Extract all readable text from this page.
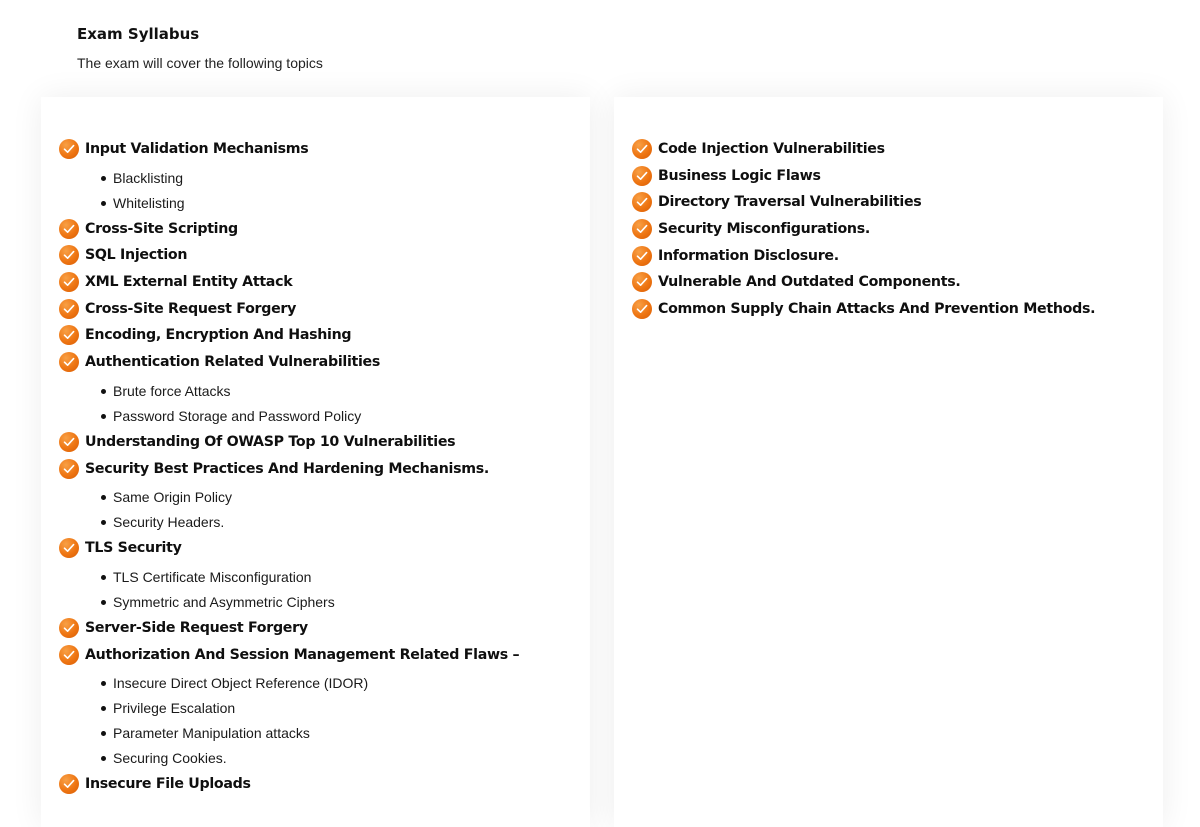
Exam Syllabus

The exam will cover the following topics

Input Validation Mechanisms
Blacklisting
Whitelisting
Cross-Site Scripting
SQL Injection
XML External Entity Attack
Cross-Site Request Forgery
Encoding, Encryption And Hashing
Authentication Related Vulnerabilities
Brute force Attacks
Password Storage and Password Policy
Understanding Of OWASP Top 10 Vulnerabilities
Security Best Practices And Hardening Mechanisms.
Same Origin Policy
Security Headers.
TLS Security
TLS Certificate Misconfiguration
Symmetric and Asymmetric Ciphers
Server-Side Request Forgery
Authorization And Session Management Related Flaws –
Insecure Direct Object Reference (IDOR)
Privilege Escalation
Parameter Manipulation attacks
Securing Cookies.
Insecure File Uploads
Code Injection Vulnerabilities
Business Logic Flaws
Directory Traversal Vulnerabilities
Security Misconfigurations.
Information Disclosure.
Vulnerable And Outdated Components.
Common Supply Chain Attacks And Prevention Methods.
